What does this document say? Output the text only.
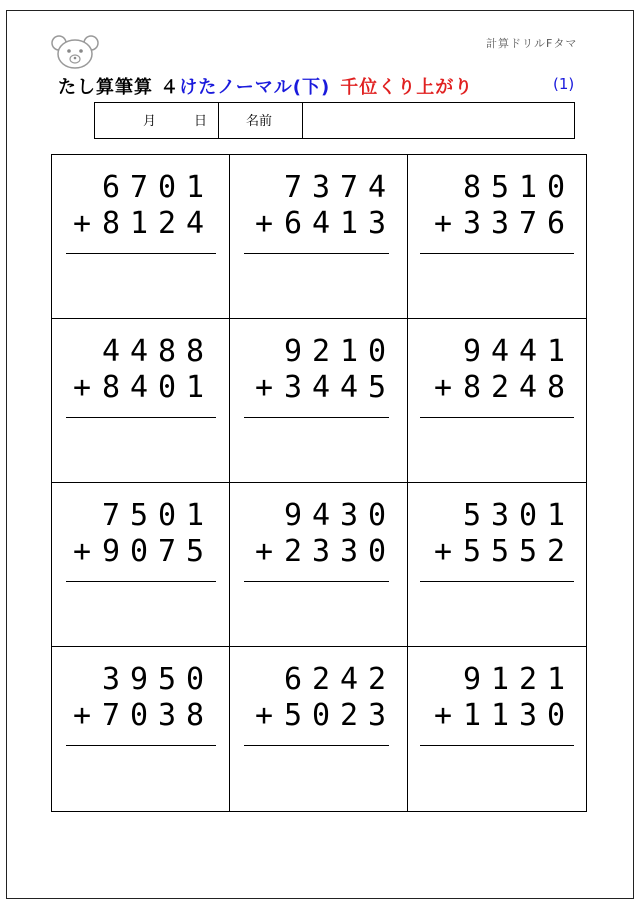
計算ドリルFタマ
たし算筆算 ４けたノーマル(下) 千位くり上がり	(1)
月	日	名前
6 7 0 1
+ 8 1 2 4
7 3 7 4
+ 6 4 1 3
8 5 1 0
+ 3 3 7 6
4 4 8 8
+ 8 4 0 1
9 2 1 0
+ 3 4 4 5
9 4 4 1
+ 8 2 4 8
7 5 0 1
+ 9 0 7 5
9 4 3 0
+ 2 3 3 0
5 3 0 1
+ 5 5 5 2
3 9 5 0
+ 7 0 3 8
6 2 4 2
+ 5 0 2 3
9 1 2 1
+ 1 1 3 0
